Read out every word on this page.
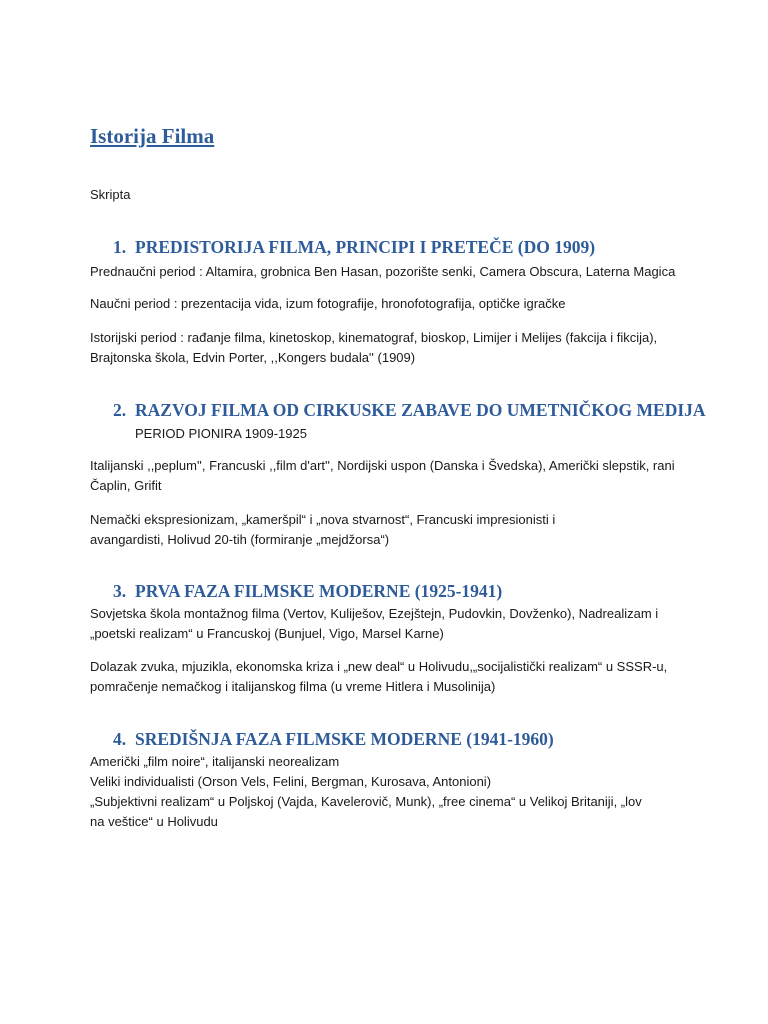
Istorija Filma
Skripta
1. PREDISTORIJA FILMA, PRINCIPI I PRETEČE (DO 1909)
Prednaučni period : Altamira, grobnica Ben Hasan, pozorište senki, Camera Obscura, Laterna Magica
Naučni period : prezentacija vida, izum fotografije, hronofotografija, optičke igračke
Istorijski period : rađanje filma, kinetoskop, kinematograf, bioskop, Limijer i Melijes (fakcija i fikcija),
Brajtonska škola, Edvin Porter, ,,Kongers budala'' (1909)
2. RAZVOJ FILMA OD CIRKUSKE ZABAVE DO UMETNIČKOG MEDIJA
PERIOD PIONIRA 1909-1925
Italijanski ,,peplum'', Francuski ,,film d'art'', Nordijski uspon (Danska i Švedska), Američki slepstik, rani
Čaplin, Grifit
Nemački ekspresionizam, „kameršpil“ i „nova stvarnost“, Francuski impresionisti i
avangardisti, Holivud 20-tih (formiranje „mejdžorsa“)
3. PRVA FAZA FILMSKE MODERNE (1925-1941)
Sovjetska škola montažnog filma (Vertov, Kuliješov, Ezejštejn, Pudovkin, Dovženko), Nadrealizam i
„poetski realizam“ u Francuskoj (Bunjuel, Vigo, Marsel Karne)
Dolazak zvuka, mjuzikla, ekonomska kriza i „new deal“ u Holivudu,„socijalistički realizam“ u SSSR-u,
pomračenje nemačkog i italijanskog filma (u vreme Hitlera i Musolinija)
4. SREDIŠNJA FAZA FILMSKE MODERNE (1941-1960)
Američki „film noire“, italijanski neorealizam
Veliki individualisti (Orson Vels, Felini, Bergman, Kurosava, Antonioni)
„Subjektivni realizam“ u Poljskoj (Vajda, Kavelerovič, Munk), „free cinema“ u Velikoj Britaniji, „lov
na veštice“ u Holivudu
